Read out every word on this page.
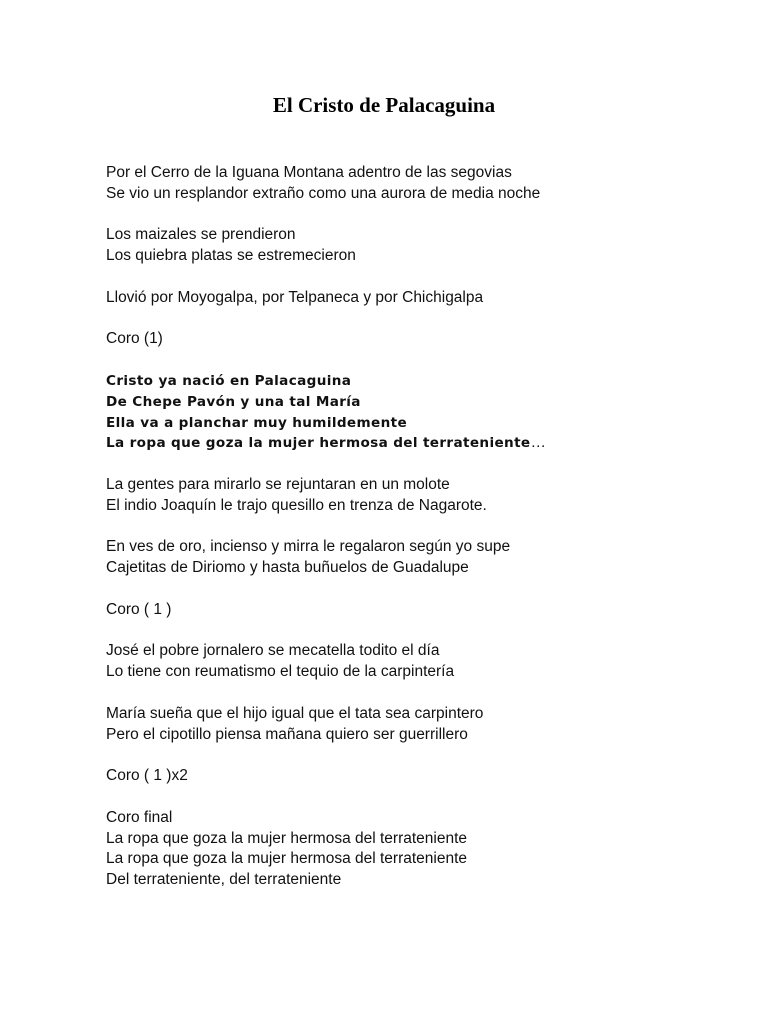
El Cristo de Palacaguina
Por el Cerro de la Iguana Montana adentro de las segovias
Se vio un resplandor extraño como una aurora de media noche
Los maizales se prendieron
Los quiebra platas se estremecieron
Llovió por Moyogalpa, por Telpaneca y por Chichigalpa
Coro (1)
Cristo ya nació en Palacaguina
De Chepe Pavón y una tal María
Ella va a planchar muy humildemente
La ropa que goza la mujer hermosa del terrateniente…
La gentes para mirarlo se rejuntaran en un molote
El indio Joaquín le trajo quesillo en trenza de Nagarote.
En ves de oro, incienso y mirra le regalaron según yo supe
Cajetitas de Diriomo y hasta buñuelos de Guadalupe
Coro ( 1 )
José el pobre jornalero se mecatella todito el día
Lo tiene con reumatismo el tequio de la carpintería
María sueña que el hijo igual que el tata sea carpintero
Pero el cipotillo piensa mañana quiero ser guerrillero
Coro ( 1 )x2
Coro final
La ropa que goza la mujer hermosa del terrateniente
La ropa que goza la mujer hermosa del terrateniente
Del terrateniente, del terrateniente
